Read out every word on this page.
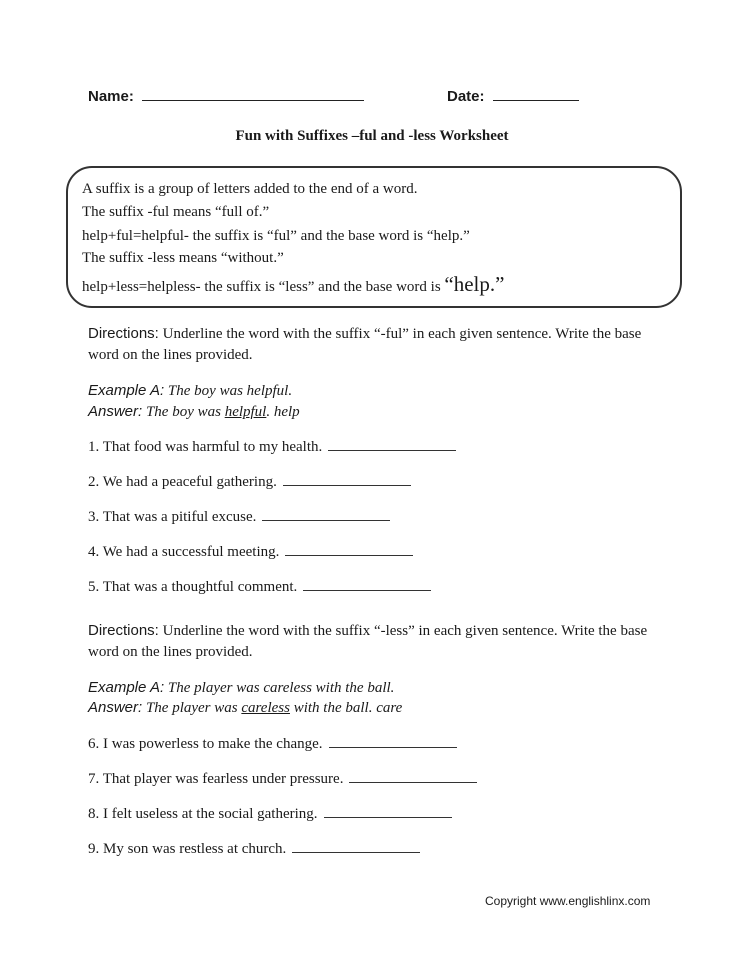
Name:	Date:
Fun with Suffixes –ful and -less Worksheet
A suffix is a group of letters added to the end of a word.
The suffix -ful means “full of.”
help+ful=helpful- the suffix is “ful” and the base word is “help.”
The suffix -less means “without.”
help+less=helpless- the suffix is “less” and the base word is “help.”
Directions: Underline the word with the suffix “-ful” in each given sentence. Write the base word on the lines provided.
Example A: The boy was helpful.
Answer: The boy was helpful. help
1. That food was harmful to my health.
2. We had a peaceful gathering.
3. That was a pitiful excuse.
4. We had a successful meeting.
5. That was a thoughtful comment.
Directions: Underline the word with the suffix “-less” in each given sentence. Write the base word on the lines provided.
Example A: The player was careless with the ball.
Answer: The player was careless with the ball. care
6. I was powerless to make the change.
7. That player was fearless under pressure.
8. I felt useless at the social gathering.
9. My son was restless at church.
Copyright www.englishlinx.com
